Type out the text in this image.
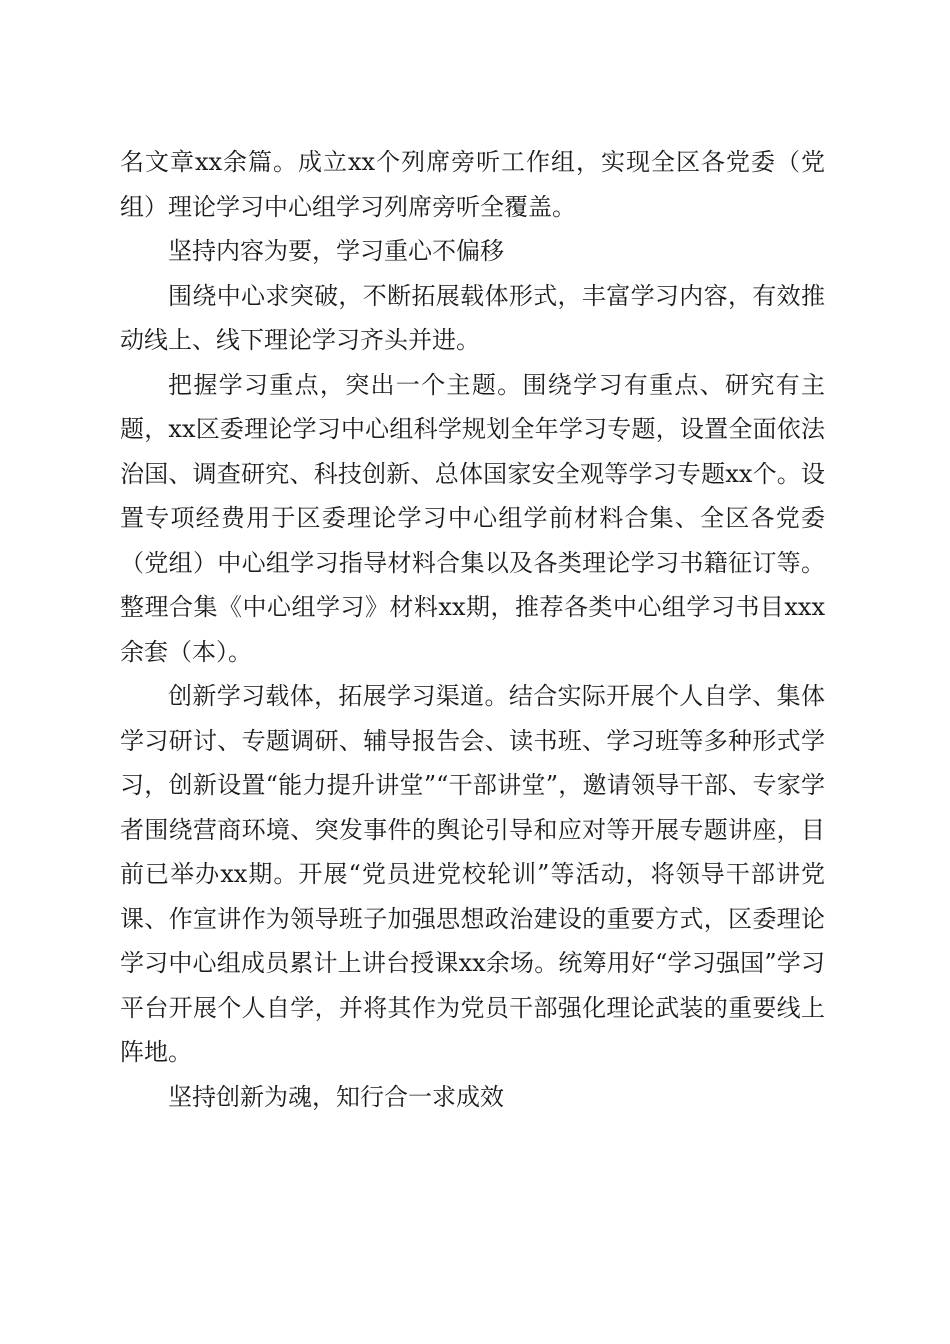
名文章xx余篇。成立xx个列席旁听工作组，实现全区各党委（党组）理论学习中心组学习列席旁听全覆盖。

坚持内容为要，学习重心不偏移

围绕中心求突破，不断拓展载体形式，丰富学习内容，有效推动线上、线下理论学习齐头并进。

把握学习重点，突出一个主题。围绕学习有重点、研究有主题，xx区委理论学习中心组科学规划全年学习专题，设置全面依法治国、调查研究、科技创新、总体国家安全观等学习专题xx个。设置专项经费用于区委理论学习中心组学前材料合集、全区各党委（党组）中心组学习指导材料合集以及各类理论学习书籍征订等。整理合集《中心组学习》材料xx期，推荐各类中心组学习书目xxx余套（本）。

创新学习载体，拓展学习渠道。结合实际开展个人自学、集体学习研讨、专题调研、辅导报告会、读书班、学习班等多种形式学习，创新设置“能力提升讲堂”“干部讲堂”，邀请领导干部、专家学者围绕营商环境、突发事件的舆论引导和应对等开展专题讲座，目前已举办xx期。开展“党员进党校轮训”等活动，将领导干部讲党课、作宣讲作为领导班子加强思想政治建设的重要方式，区委理论学习中心组成员累计上讲台授课xx余场。统筹用好“学习强国”学习平台开展个人自学，并将其作为党员干部强化理论武装的重要线上阵地。

坚持创新为魂，知行合一求成效
